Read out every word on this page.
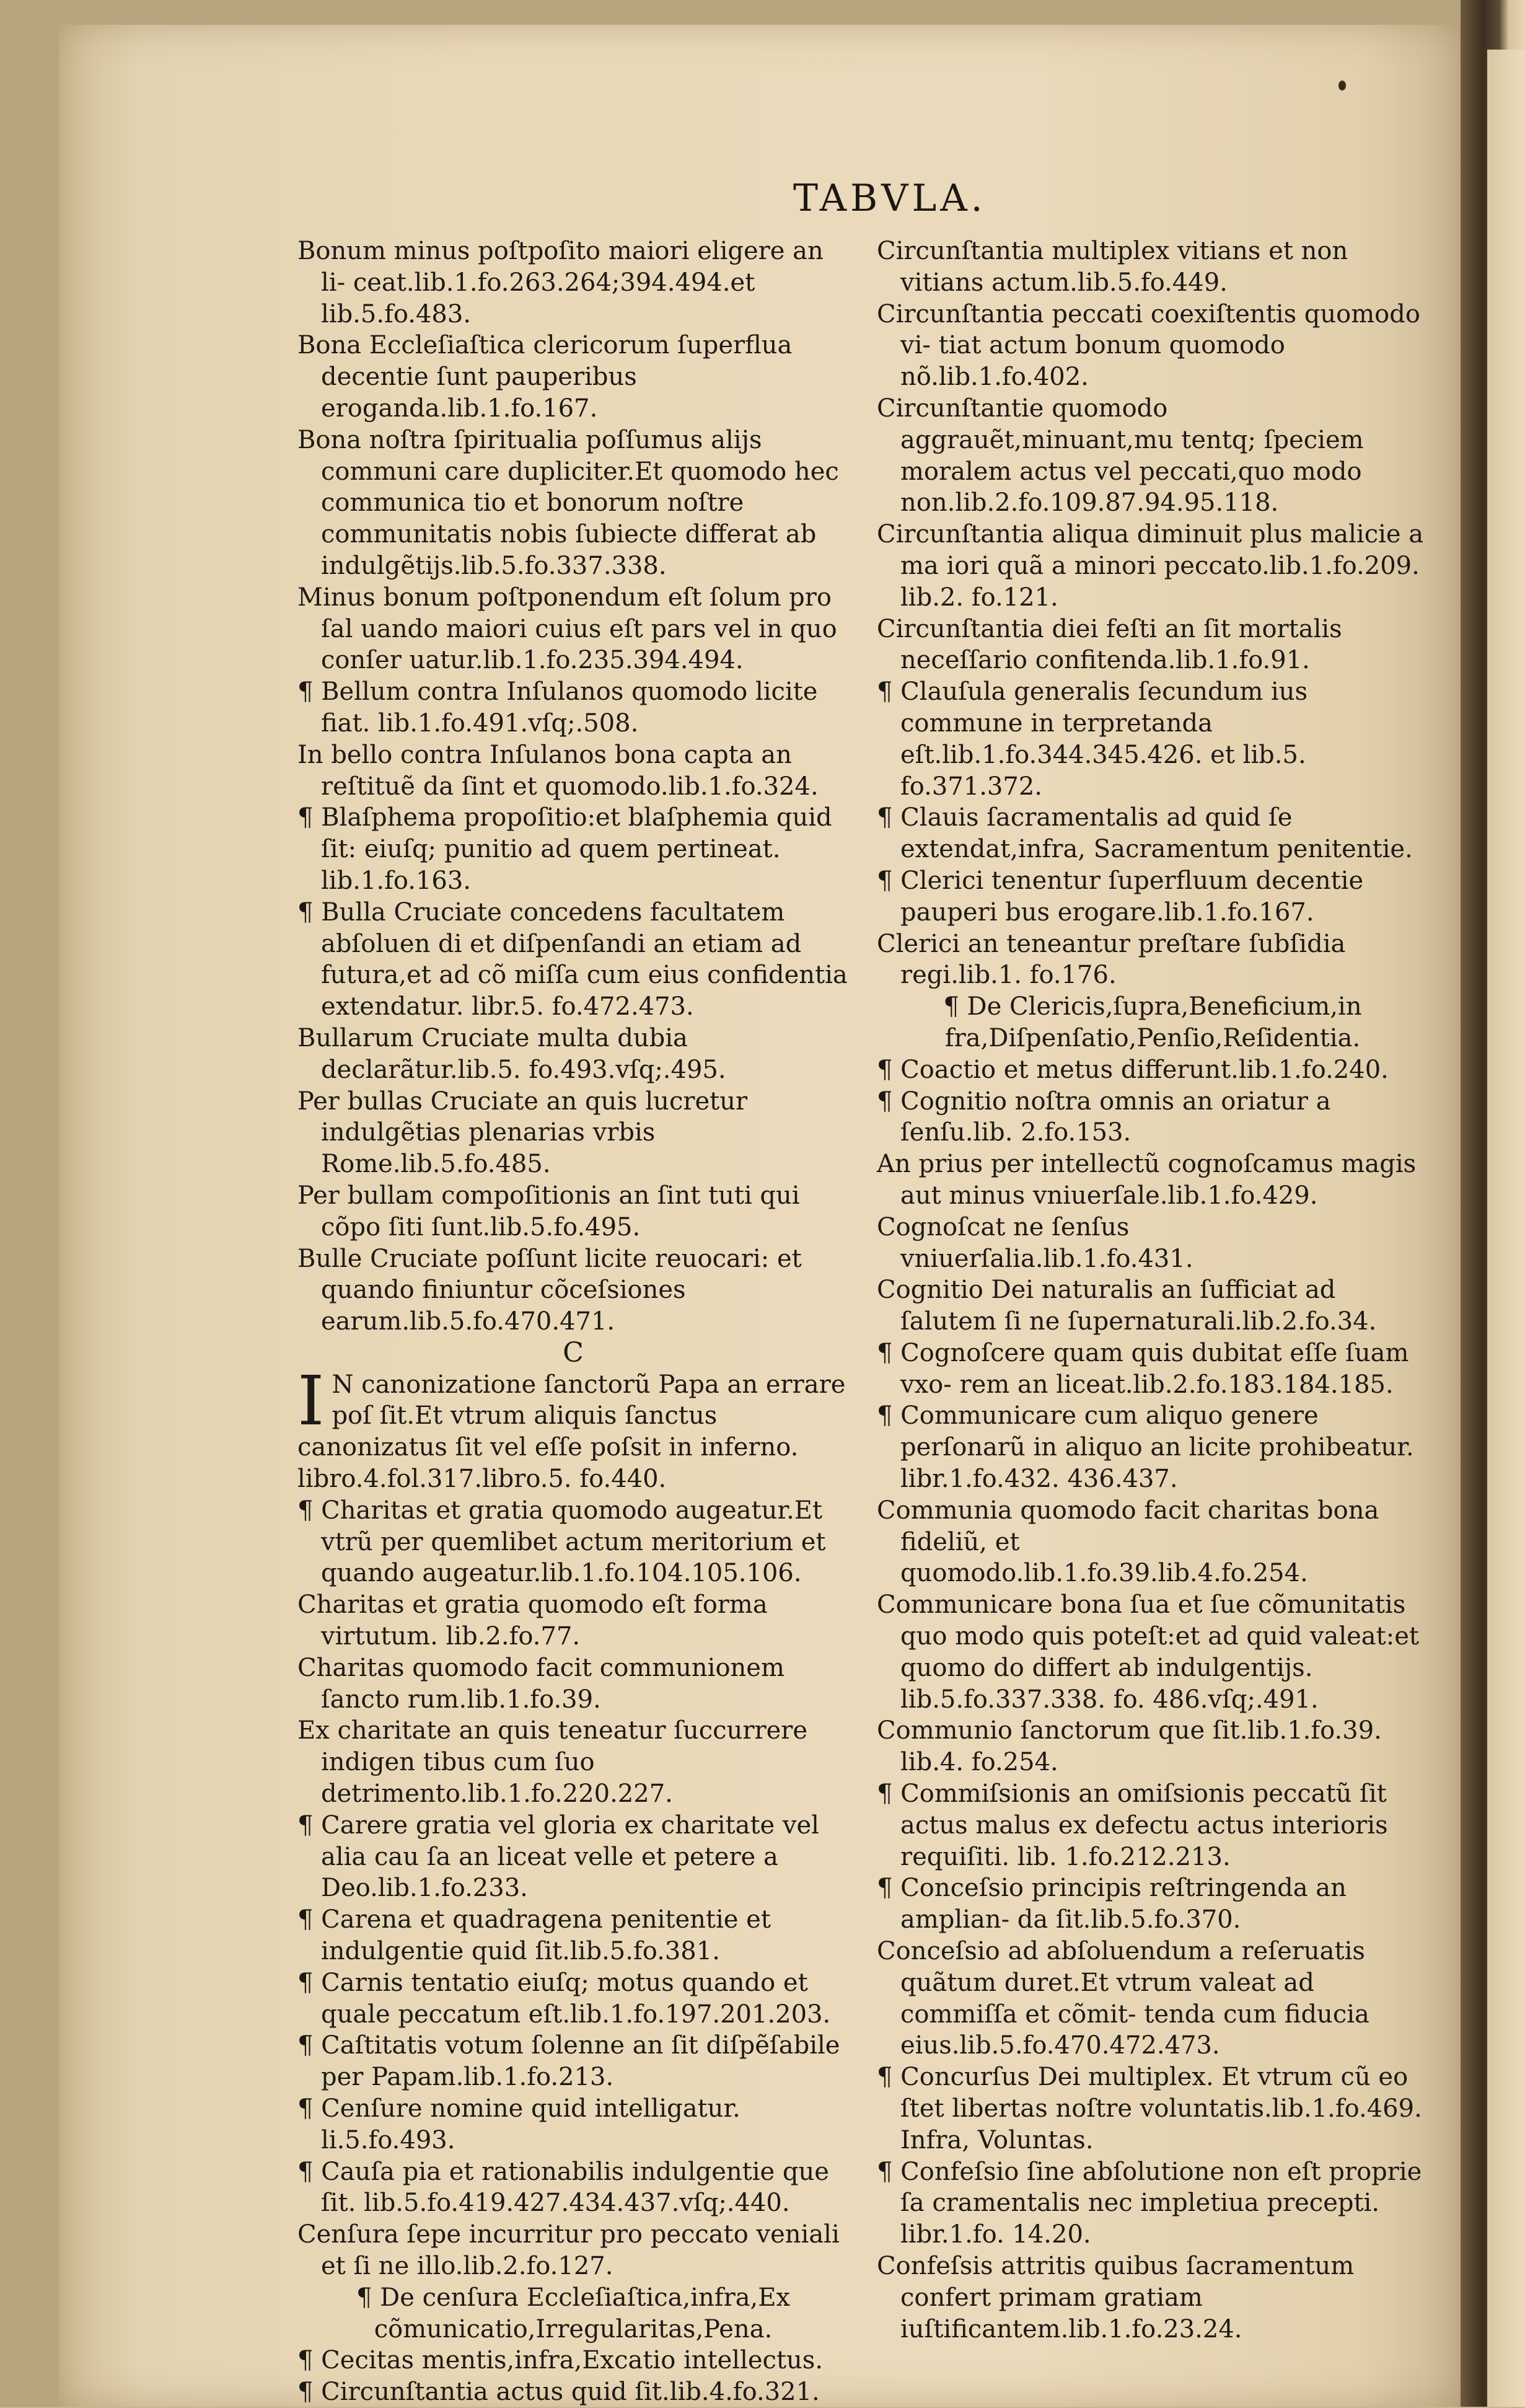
TABVLA.

Bonum minus poſtpoſito maiori eligere an li- ceat.lib.1.fo.263.264;394.494.et lib.5.fo.483.

Bona Eccleſiaſtica clericorum ſuperflua decentie ſunt pauperibus eroganda.lib.1.fo.167.

Bona noſtra ſpiritualia poſſumus alijs communi care dupliciter.Et quomodo hec communica tio et bonorum noſtre communitatis nobis ſubiecte differat ab indulgẽtijs.lib.5.fo.337.338.

Minus bonum poſtponendum eſt ſolum pro ſal uando maiori cuius eſt pars vel in quo conſer uatur.lib.1.fo.235.394.494.

¶ Bellum contra Inſulanos quomodo licite fiat. lib.1.fo.491.vſq;.508.

In bello contra Inſulanos bona capta an reſtituẽ da ſint et quomodo.lib.1.fo.324.

¶ Blaſphema propoſitio:et blaſphemia quid ſit: eiuſq; punitio ad quem pertineat. lib.1.fo.163.

¶ Bulla Cruciate concedens facultatem abſoluen di et diſpenſandi an etiam ad futura,et ad cõ miſſa cum eius confidentia extendatur. libr.5. fo.472.473.

Bullarum Cruciate multa dubia declarãtur.lib.5. fo.493.vſq;.495.

Per bullas Cruciate an quis lucretur indulgẽtias plenarias vrbis Rome.lib.5.fo.485.

Per bullam compoſitionis an ſint tuti qui cõpo ſiti ſunt.lib.5.fo.495.

Bulle Cruciate poſſunt licite reuocari: et quando finiuntur cõceſsiones earum.lib.5.fo.470.471.

C

I N canonizatione ſanctorũ Papa an errare poſ ſit.Et vtrum aliquis ſanctus canonizatus ſit vel eſſe poſsit in inferno. libro.4.fol.317.libro.5. fo.440.

¶ Charitas et gratia quomodo augeatur.Et vtrũ per quemlibet actum meritorium et quando augeatur.lib.1.fo.104.105.106.

Charitas et gratia quomodo eſt forma virtutum. lib.2.fo.77.

Charitas quomodo facit communionem ſancto rum.lib.1.fo.39.

Ex charitate an quis teneatur ſuccurrere indigen tibus cum ſuo detrimento.lib.1.fo.220.227.

¶ Carere gratia vel gloria ex charitate vel alia cau ſa an liceat velle et petere a Deo.lib.1.fo.233.

¶ Carena et quadragena penitentie et indulgentie quid ſit.lib.5.fo.381.

¶ Carnis tentatio eiuſq; motus quando et quale peccatum eſt.lib.1.fo.197.201.203.

¶ Caſtitatis votum ſolenne an ſit diſpẽſabile per Papam.lib.1.fo.213.

¶ Cenſure nomine quid intelligatur. li.5.fo.493.

¶ Cauſa pia et rationabilis indulgentie que ſit. lib.5.fo.419.427.434.437.vſq;.440.

Cenſura ſepe incurritur pro peccato veniali et ſi ne illo.lib.2.fo.127.

¶ De cenſura Eccleſiaſtica,infra,Ex cõmunicatio,Irregularitas,Pena.

¶ Cecitas mentis,infra,Excatio intellectus.

¶ Circunſtantia actus quid ſit.lib.4.fo.321.

Circunſtantia multiplex vitians et non vitians actum.lib.5.fo.449.

Circunſtantia peccati coexiſtentis quomodo vi- tiat actum bonum quomodo nõ.lib.1.fo.402.

Circunſtantie quomodo aggrauẽt,minuant,mu tentq; ſpeciem moralem actus vel peccati,quo modo non.lib.2.fo.109.87.94.95.118.

Circunſtantia aliqua diminuit plus malicie a ma iori quã a minori peccato.lib.1.fo.209. lib.2. fo.121.

Circunſtantia diei feſti an ſit mortalis neceſſario confitenda.lib.1.fo.91.

¶ Clauſula generalis ſecundum ius commune in terpretanda eſt.lib.1.fo.344.345.426. et lib.5. fo.371.372.

¶ Clauis ſacramentalis ad quid ſe extendat,infra, Sacramentum penitentie.

¶ Clerici tenentur ſuperfluum decentie pauperi bus erogare.lib.1.fo.167.

Clerici an teneantur preſtare ſubſidia regi.lib.1. fo.176.

¶ De Clericis,ſupra,Beneficium,in fra,Diſpenſatio,Penſio,Reſidentia.

¶ Coactio et metus differunt.lib.1.fo.240.

¶ Cognitio noſtra omnis an oriatur a ſenſu.lib. 2.fo.153.

An prius per intellectũ cognoſcamus magis aut minus vniuerſale.lib.1.fo.429.

Cognoſcat ne ſenſus vniuerſalia.lib.1.fo.431.

Cognitio Dei naturalis an ſufficiat ad ſalutem ſi ne ſupernaturali.lib.2.fo.34.

¶ Cognoſcere quam quis dubitat eſſe ſuam vxo- rem an liceat.lib.2.fo.183.184.185.

¶ Communicare cum aliquo genere perſonarũ in aliquo an licite prohibeatur. libr.1.fo.432. 436.437.

Communia quomodo facit charitas bona fideliũ, et quomodo.lib.1.fo.39.lib.4.fo.254.

Communicare bona ſua et ſue cõmunitatis quo modo quis poteſt:et ad quid valeat:et quomo do differt ab indulgentijs. lib.5.fo.337.338. fo. 486.vſq;.491.

Communio ſanctorum que ſit.lib.1.fo.39. lib.4. fo.254.

¶ Commiſsionis an omiſsionis peccatũ ſit actus malus ex defectu actus interioris requiſiti. lib. 1.fo.212.213.

¶ Conceſsio principis reſtringenda an amplian- da ſit.lib.5.fo.370.

Conceſsio ad abſoluendum a reſeruatis quãtum duret.Et vtrum valeat ad commiſſa et cõmit- tenda cum fiducia eius.lib.5.fo.470.472.473.

¶ Concurſus Dei multiplex. Et vtrum cũ eo ſtet libertas noſtre voluntatis.lib.1.fo.469. Infra, Voluntas.

¶ Confeſsio ſine abſolutione non eſt proprie ſa cramentalis nec impletiua precepti. libr.1.fo. 14.20.

Confeſsis attritis quibus ſacramentum confert primam gratiam iuſtificantem.lib.1.fo.23.24.
